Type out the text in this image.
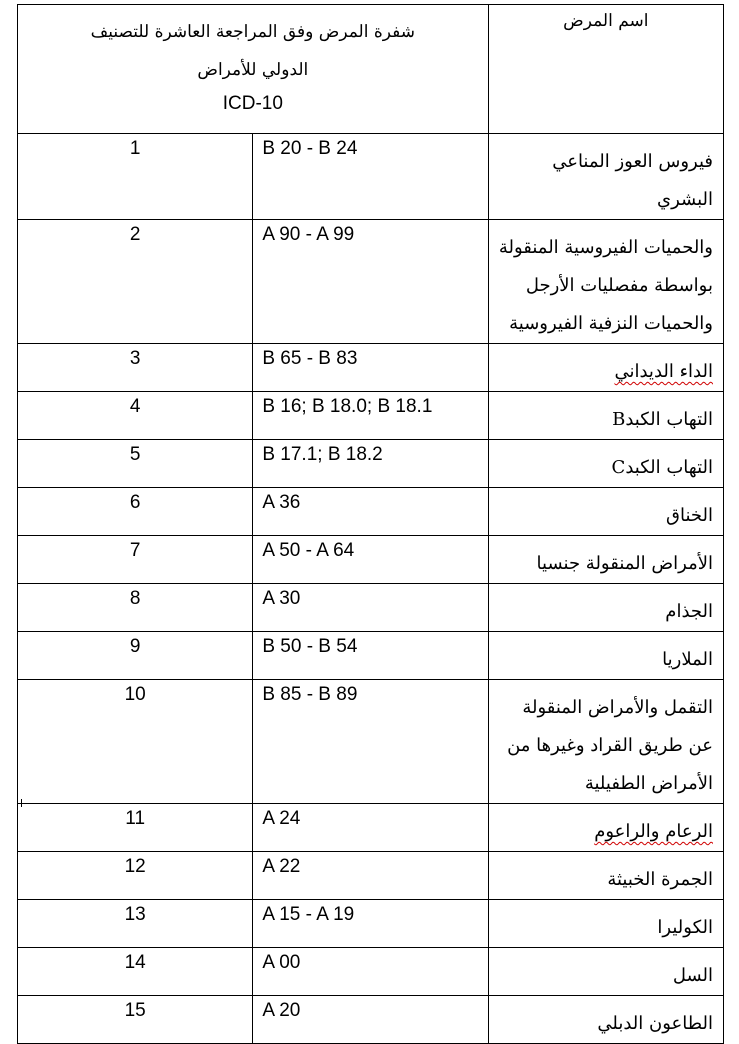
شفرة المرض وفق المراجعة العاشرة للتصنيف
الدولي للأمراض
ICD-10		اسم المرض
1	B 20 - B 24	فيروس العوز المناعي البشري
2	A 90 - A 99	والحميات الفيروسية المنقولة بواسطة مفصليات الأرجل والحميات النزفية الفيروسية
3	B 65 - B 83	الداء الديداني
4	B 16; B 18.0; B 18.1	التهاب الكبدB
5	B 17.1; B 18.2	التهاب الكبدC
6	A 36	الخناق
7	A 50 - A 64	الأمراض المنقولة جنسيا
8	A 30	الجذام
9	B 50 - B 54	الملاريا
10	B 85 - B 89	التقمل والأمراض المنقولة عن طريق القراد وغيرها من الأمراض الطفيلية
11	A 24	الرعام والراعوم
12	A 22	الجمرة الخبيثة
13	A 15 - A 19	الكوليرا
14	A 00	السل
15	A 20	الطاعون الدبلي
